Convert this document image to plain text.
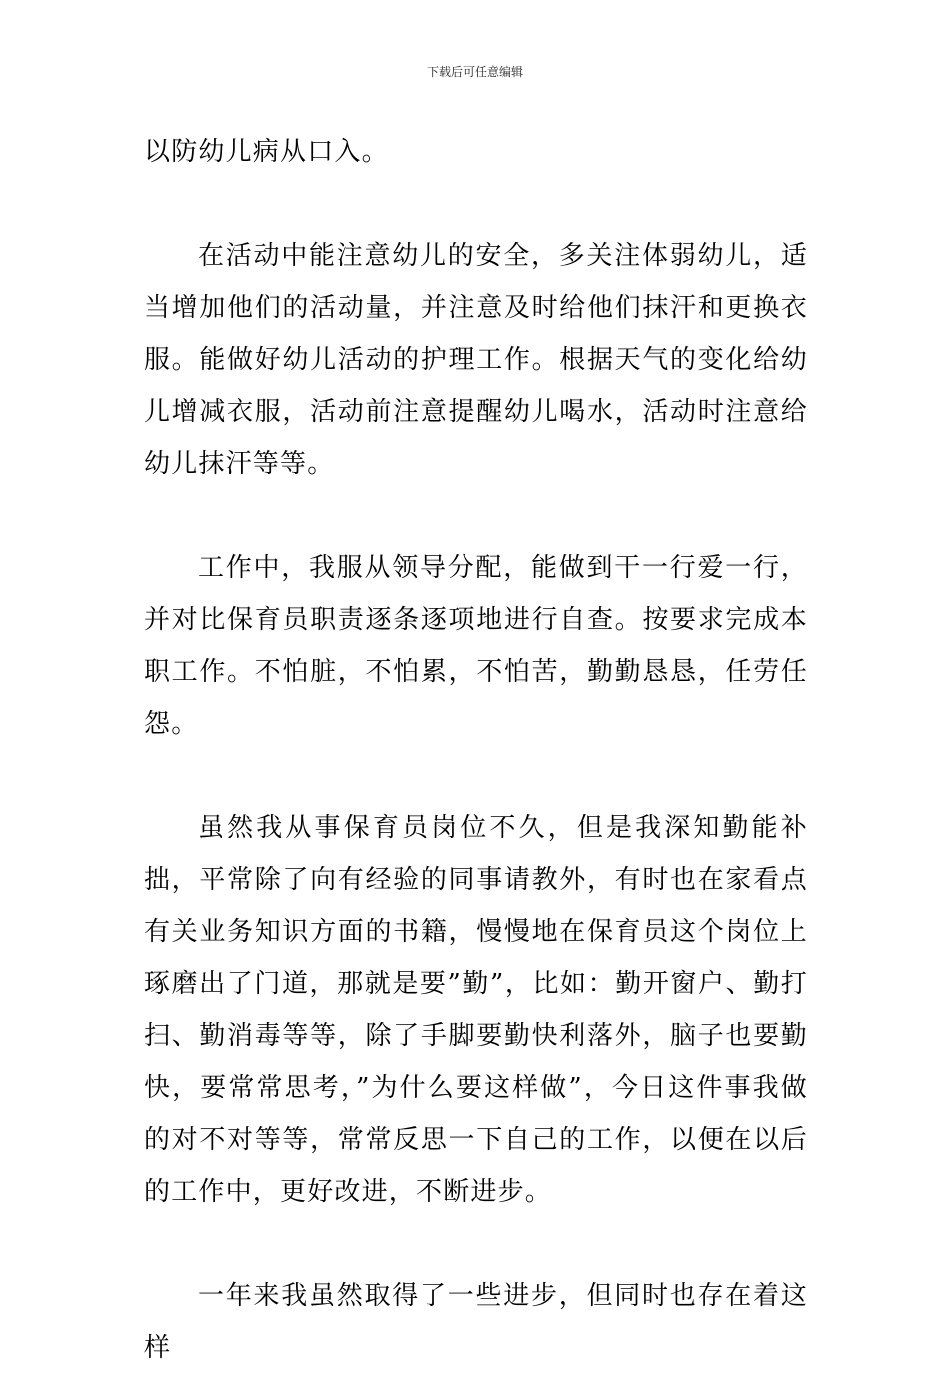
下载后可任意编辑

以防幼儿病从口入。

在活动中能注意幼儿的安全，多关注体弱幼儿，适当增加他们的活动量，并注意及时给他们抹汗和更换衣服。能做好幼儿活动的护理工作。根据天气的变化给幼儿增减衣服，活动前注意提醒幼儿喝水，活动时注意给幼儿抹汗等等。

工作中，我服从领导分配，能做到干一行爱一行，并对比保育员职责逐条逐项地进行自查。按要求完成本职工作。不怕脏，不怕累，不怕苦，勤勤恳恳，任劳任怨。

虽然我从事保育员岗位不久，但是我深知勤能补拙，平常除了向有经验的同事请教外，有时也在家看点有关业务知识方面的书籍，慢慢地在保育员这个岗位上琢磨出了门道，那就是要”勤”，比如：勤开窗户、勤打扫、勤消毒等等，除了手脚要勤快利落外，脑子也要勤快，要常常思考，”为什么要这样做”，今日这件事我做的对不对等等，常常反思一下自己的工作，以便在以后的工作中，更好改进，不断进步。

一年来我虽然取得了一些进步，但同时也存在着这样
